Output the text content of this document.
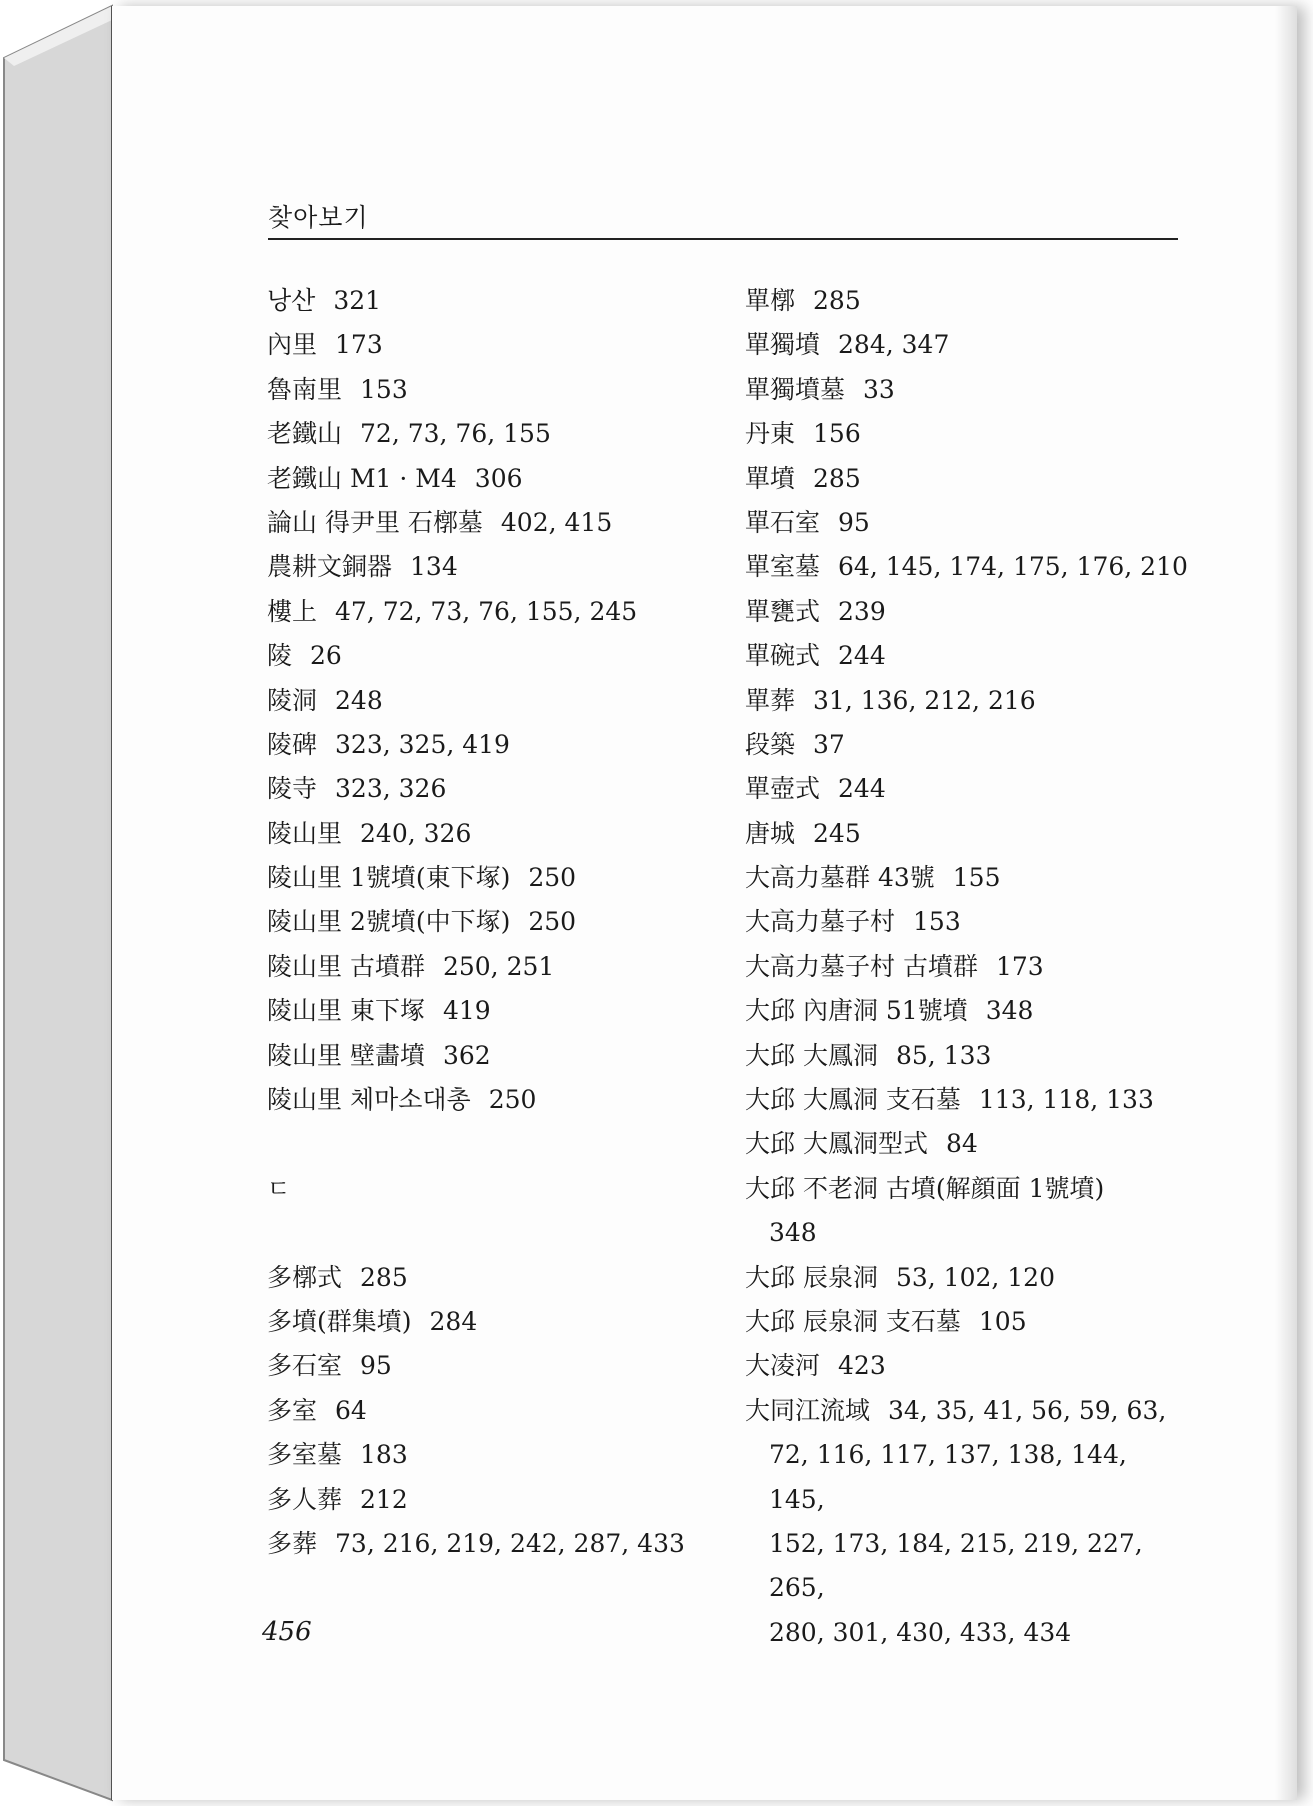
찾아보기
낭산 321
內里 173
魯南里 153
老鐵山 72, 73, 76, 155
老鐵山 M1 · M4 306
論山 得尹里 石槨墓 402, 415
農耕文銅器 134
樓上 47, 72, 73, 76, 155, 245
陵 26
陵洞 248
陵碑 323, 325, 419
陵寺 323, 326
陵山里 240, 326
陵山里 1號墳(東下塚) 250
陵山里 2號墳(中下塚) 250
陵山里 古墳群 250, 251
陵山里 東下塚 419
陵山里 壁畵墳 362
陵山里 체마소대총 250
ㄷ
多槨式 285
多墳(群集墳) 284
多石室 95
多室 64
多室墓 183
多人葬 212
多葬 73, 216, 219, 242, 287, 433
單槨 285
單獨墳 284, 347
單獨墳墓 33
丹東 156
單墳 285
單石室 95
單室墓 64, 145, 174, 175, 176, 210
單甕式 239
單碗式 244
單葬 31, 136, 212, 216
段築 37
單壺式 244
唐城 245
大高力墓群 43號 155
大高力墓子村 153
大高力墓子村 古墳群 173
大邱 內唐洞 51號墳 348
大邱 大鳳洞 85, 133
大邱 大鳳洞 支石墓 113, 118, 133
大邱 大鳳洞型式 84
大邱 不老洞 古墳(解顔面 1號墳)
348
大邱 辰泉洞 53, 102, 120
大邱 辰泉洞 支石墓 105
大凌河 423
大同江流域 34, 35, 41, 56, 59, 63,
72, 116, 117, 137, 138, 144, 145,
152, 173, 184, 215, 219, 227, 265,
280, 301, 430, 433, 434
456
